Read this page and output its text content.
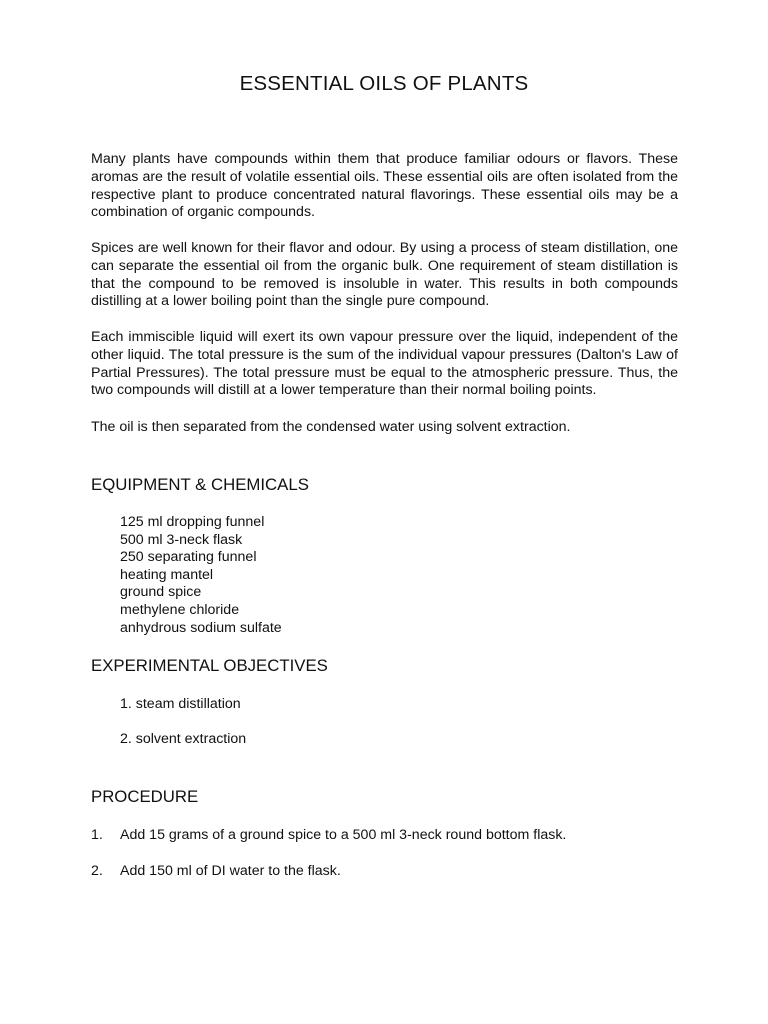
ESSENTIAL OILS OF PLANTS

Many plants have compounds within them that produce familiar odours or flavors. These aromas are the result of volatile essential oils. These essential oils are often isolated from the respective plant to produce concentrated natural flavorings. These essential oils may be a combination of organic compounds.

Spices are well known for their flavor and odour. By using a process of steam distillation, one can separate the essential oil from the organic bulk. One requirement of steam distillation is that the compound to be removed is insoluble in water. This results in both compounds distilling at a lower boiling point than the single pure compound.

Each immiscible liquid will exert its own vapour pressure over the liquid, independent of the other liquid. The total pressure is the sum of the individual vapour pressures (Dalton's Law of Partial Pressures). The total pressure must be equal to the atmospheric pressure. Thus, the two compounds will distill at a lower temperature than their normal boiling points.

The oil is then separated from the condensed water using solvent extraction.

EQUIPMENT & CHEMICALS
125 ml dropping funnel
500 ml 3-neck flask
250 separating funnel
heating mantel
ground spice
methylene chloride
anhydrous sodium sulfate
EXPERIMENTAL OBJECTIVES
1. steam distillation
2. solvent extraction
PROCEDURE
1. Add 15 grams of a ground spice to a 500 ml 3-neck round bottom flask.
2. Add 150 ml of DI water to the flask.
